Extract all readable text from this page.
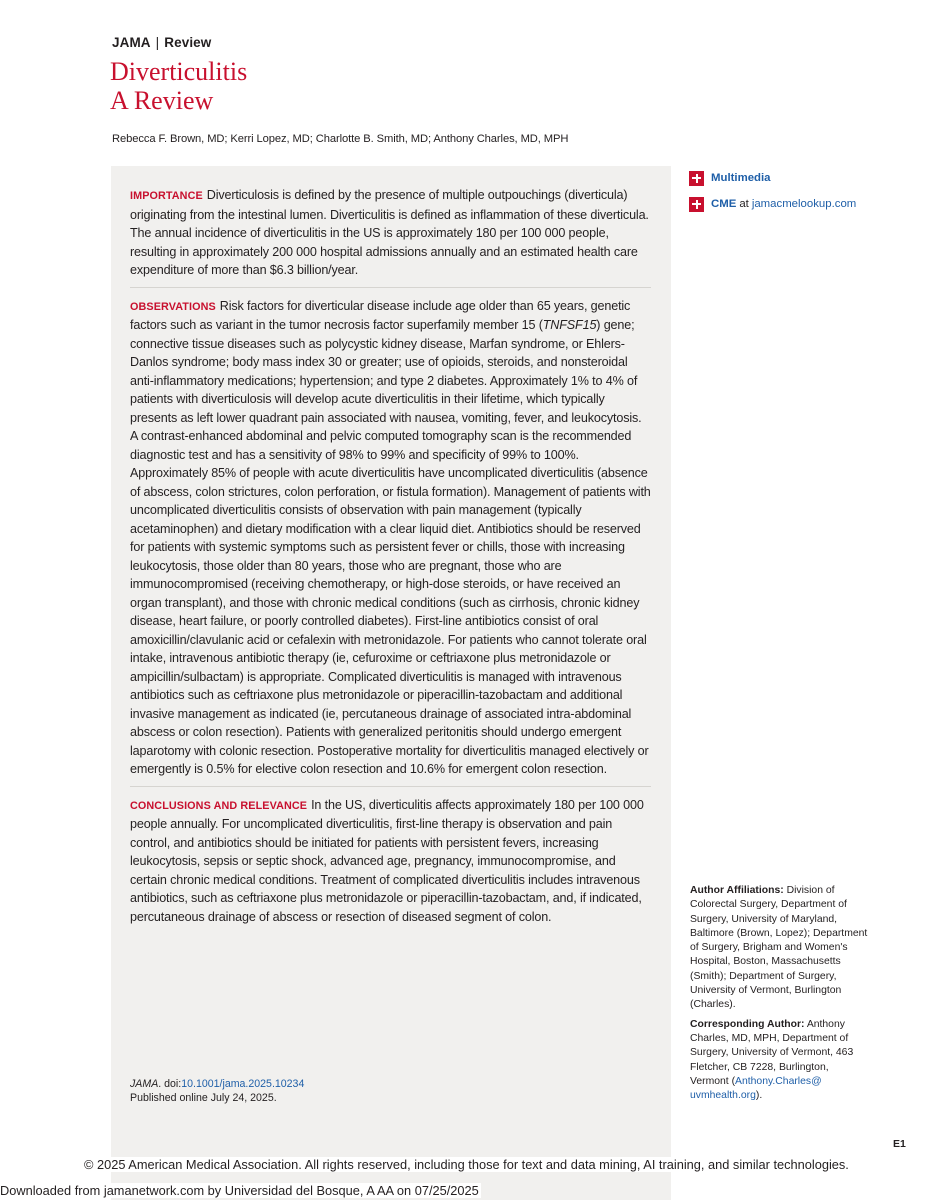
JAMA | Review
Diverticulitis
A Review
Rebecca F. Brown, MD; Kerri Lopez, MD; Charlotte B. Smith, MD; Anthony Charles, MD, MPH
IMPORTANCE Diverticulosis is defined by the presence of multiple outpouchings (diverticula) originating from the intestinal lumen. Diverticulitis is defined as inflammation of these diverticula. The annual incidence of diverticulitis in the US is approximately 180 per 100 000 people, resulting in approximately 200 000 hospital admissions annually and an estimated health care expenditure of more than $6.3 billion/year.
OBSERVATIONS Risk factors for diverticular disease include age older than 65 years, genetic factors such as variant in the tumor necrosis factor superfamily member 15 (TNFSF15) gene; connective tissue diseases such as polycystic kidney disease, Marfan syndrome, or Ehlers-Danlos syndrome; body mass index 30 or greater; use of opioids, steroids, and nonsteroidal anti-inflammatory medications; hypertension; and type 2 diabetes. Approximately 1% to 4% of patients with diverticulosis will develop acute diverticulitis in their lifetime, which typically presents as left lower quadrant pain associated with nausea, vomiting, fever, and leukocytosis. A contrast-enhanced abdominal and pelvic computed tomography scan is the recommended diagnostic test and has a sensitivity of 98% to 99% and specificity of 99% to 100%. Approximately 85% of people with acute diverticulitis have uncomplicated diverticulitis (absence of abscess, colon strictures, colon perforation, or fistula formation). Management of patients with uncomplicated diverticulitis consists of observation with pain management (typically acetaminophen) and dietary modification with a clear liquid diet. Antibiotics should be reserved for patients with systemic symptoms such as persistent fever or chills, those with increasing leukocytosis, those older than 80 years, those who are pregnant, those who are immunocompromised (receiving chemotherapy, or high-dose steroids, or have received an organ transplant), and those with chronic medical conditions (such as cirrhosis, chronic kidney disease, heart failure, or poorly controlled diabetes). First-line antibiotics consist of oral amoxicillin/clavulanic acid or cefalexin with metronidazole. For patients who cannot tolerate oral intake, intravenous antibiotic therapy (ie, cefuroxime or ceftriaxone plus metronidazole or ampicillin/sulbactam) is appropriate. Complicated diverticulitis is managed with intravenous antibiotics such as ceftriaxone plus metronidazole or piperacillin-tazobactam and additional invasive management as indicated (ie, percutaneous drainage of associated intra-abdominal abscess or colon resection). Patients with generalized peritonitis should undergo emergent laparotomy with colonic resection. Postoperative mortality for diverticulitis managed electively or emergently is 0.5% for elective colon resection and 10.6% for emergent colon resection.
CONCLUSIONS AND RELEVANCE In the US, diverticulitis affects approximately 180 per 100 000 people annually. For uncomplicated diverticulitis, first-line therapy is observation and pain control, and antibiotics should be initiated for patients with persistent fevers, increasing leukocytosis, sepsis or septic shock, advanced age, pregnancy, immunocompromise, and certain chronic medical conditions. Treatment of complicated diverticulitis includes intravenous antibiotics, such as ceftriaxone plus metronidazole or piperacillin-tazobactam, and, if indicated, percutaneous drainage of abscess or resection of diseased segment of colon.
JAMA. doi:10.1001/jama.2025.10234
Published online July 24, 2025.
Multimedia
CME at jamacmelookup.com

Author Affiliations: Division of Colorectal Surgery, Department of Surgery, University of Maryland, Baltimore (Brown, Lopez); Department of Surgery, Brigham and Women's Hospital, Boston, Massachusetts (Smith); Department of Surgery, University of Vermont, Burlington (Charles).

Corresponding Author: Anthony Charles, MD, MPH, Department of Surgery, University of Vermont, 463 Fletcher, CB 7228, Burlington, Vermont (Anthony.Charles@ uvmhealth.org).

E1
© 2025 American Medical Association. All rights reserved, including those for text and data mining, AI training, and similar technologies.
Downloaded from jamanetwork.com by Universidad del Bosque, A AA on 07/25/2025
